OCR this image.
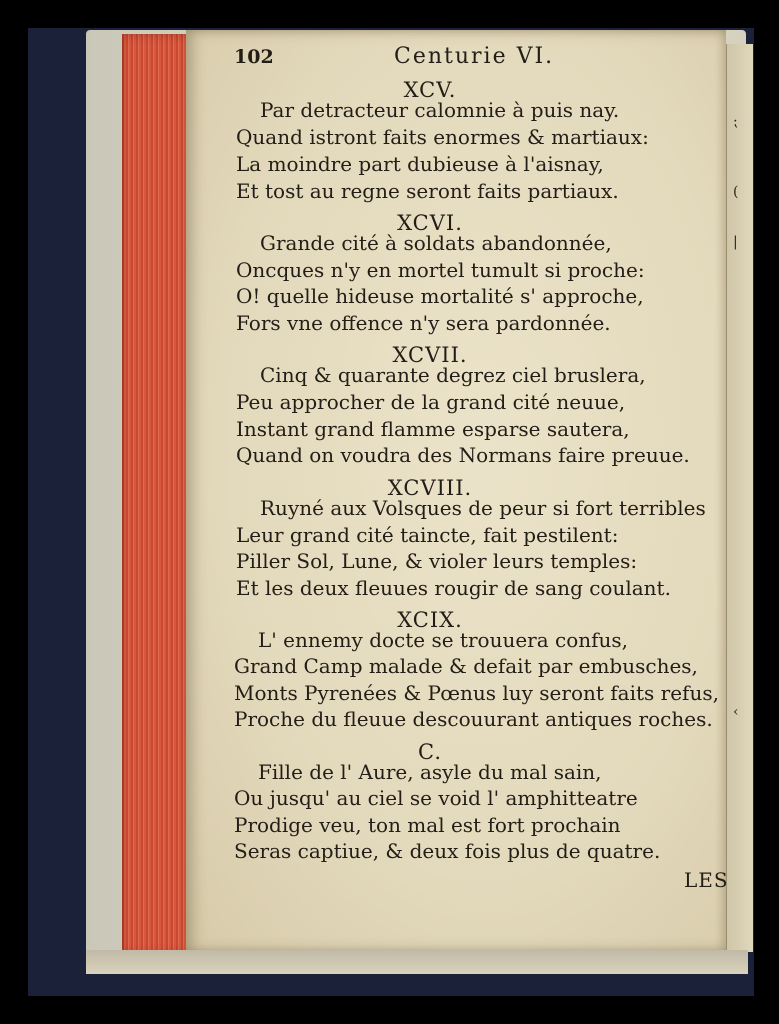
⁏
(
|
‹
102	Centurie VI.
XCV.
Par detracteur calomnie à puis nay.
Quand istront faits enormes & martiaux:
La moindre part dubieuse à l'aisnay,
Et tost au regne seront faits partiaux.
XCVI.
Grande cité à soldats abandonnée,
Oncques n'y en mortel tumult si proche:
O! quelle hideuse mortalité s' approche,
Fors vne offence n'y sera pardonnée.
XCVII.
Cinq & quarante degrez ciel bruslera,
Peu approcher de la grand cité neuue,
Instant grand flamme esparse sautera,
Quand on voudra des Normans faire preuue.
XCVIII.
Ruyné aux Volsques de peur si fort terribles
Leur grand cité taincte, fait pestilent:
Piller Sol, Lune, & violer leurs temples:
Et les deux fleuues rougir de sang coulant.
XCIX.
L' ennemy docte se trouuera confus,
Grand Camp malade & defait par embusches,
Monts Pyrenées & Pœnus luy seront faits refus,
Proche du fleuue descouurant antiques roches.
C.
Fille de l' Aure, asyle du mal sain,
Ou jusqu' au ciel se void l' amphitteatre
Prodige veu, ton mal est fort prochain
Seras captiue, & deux fois plus de quatre.
LES
